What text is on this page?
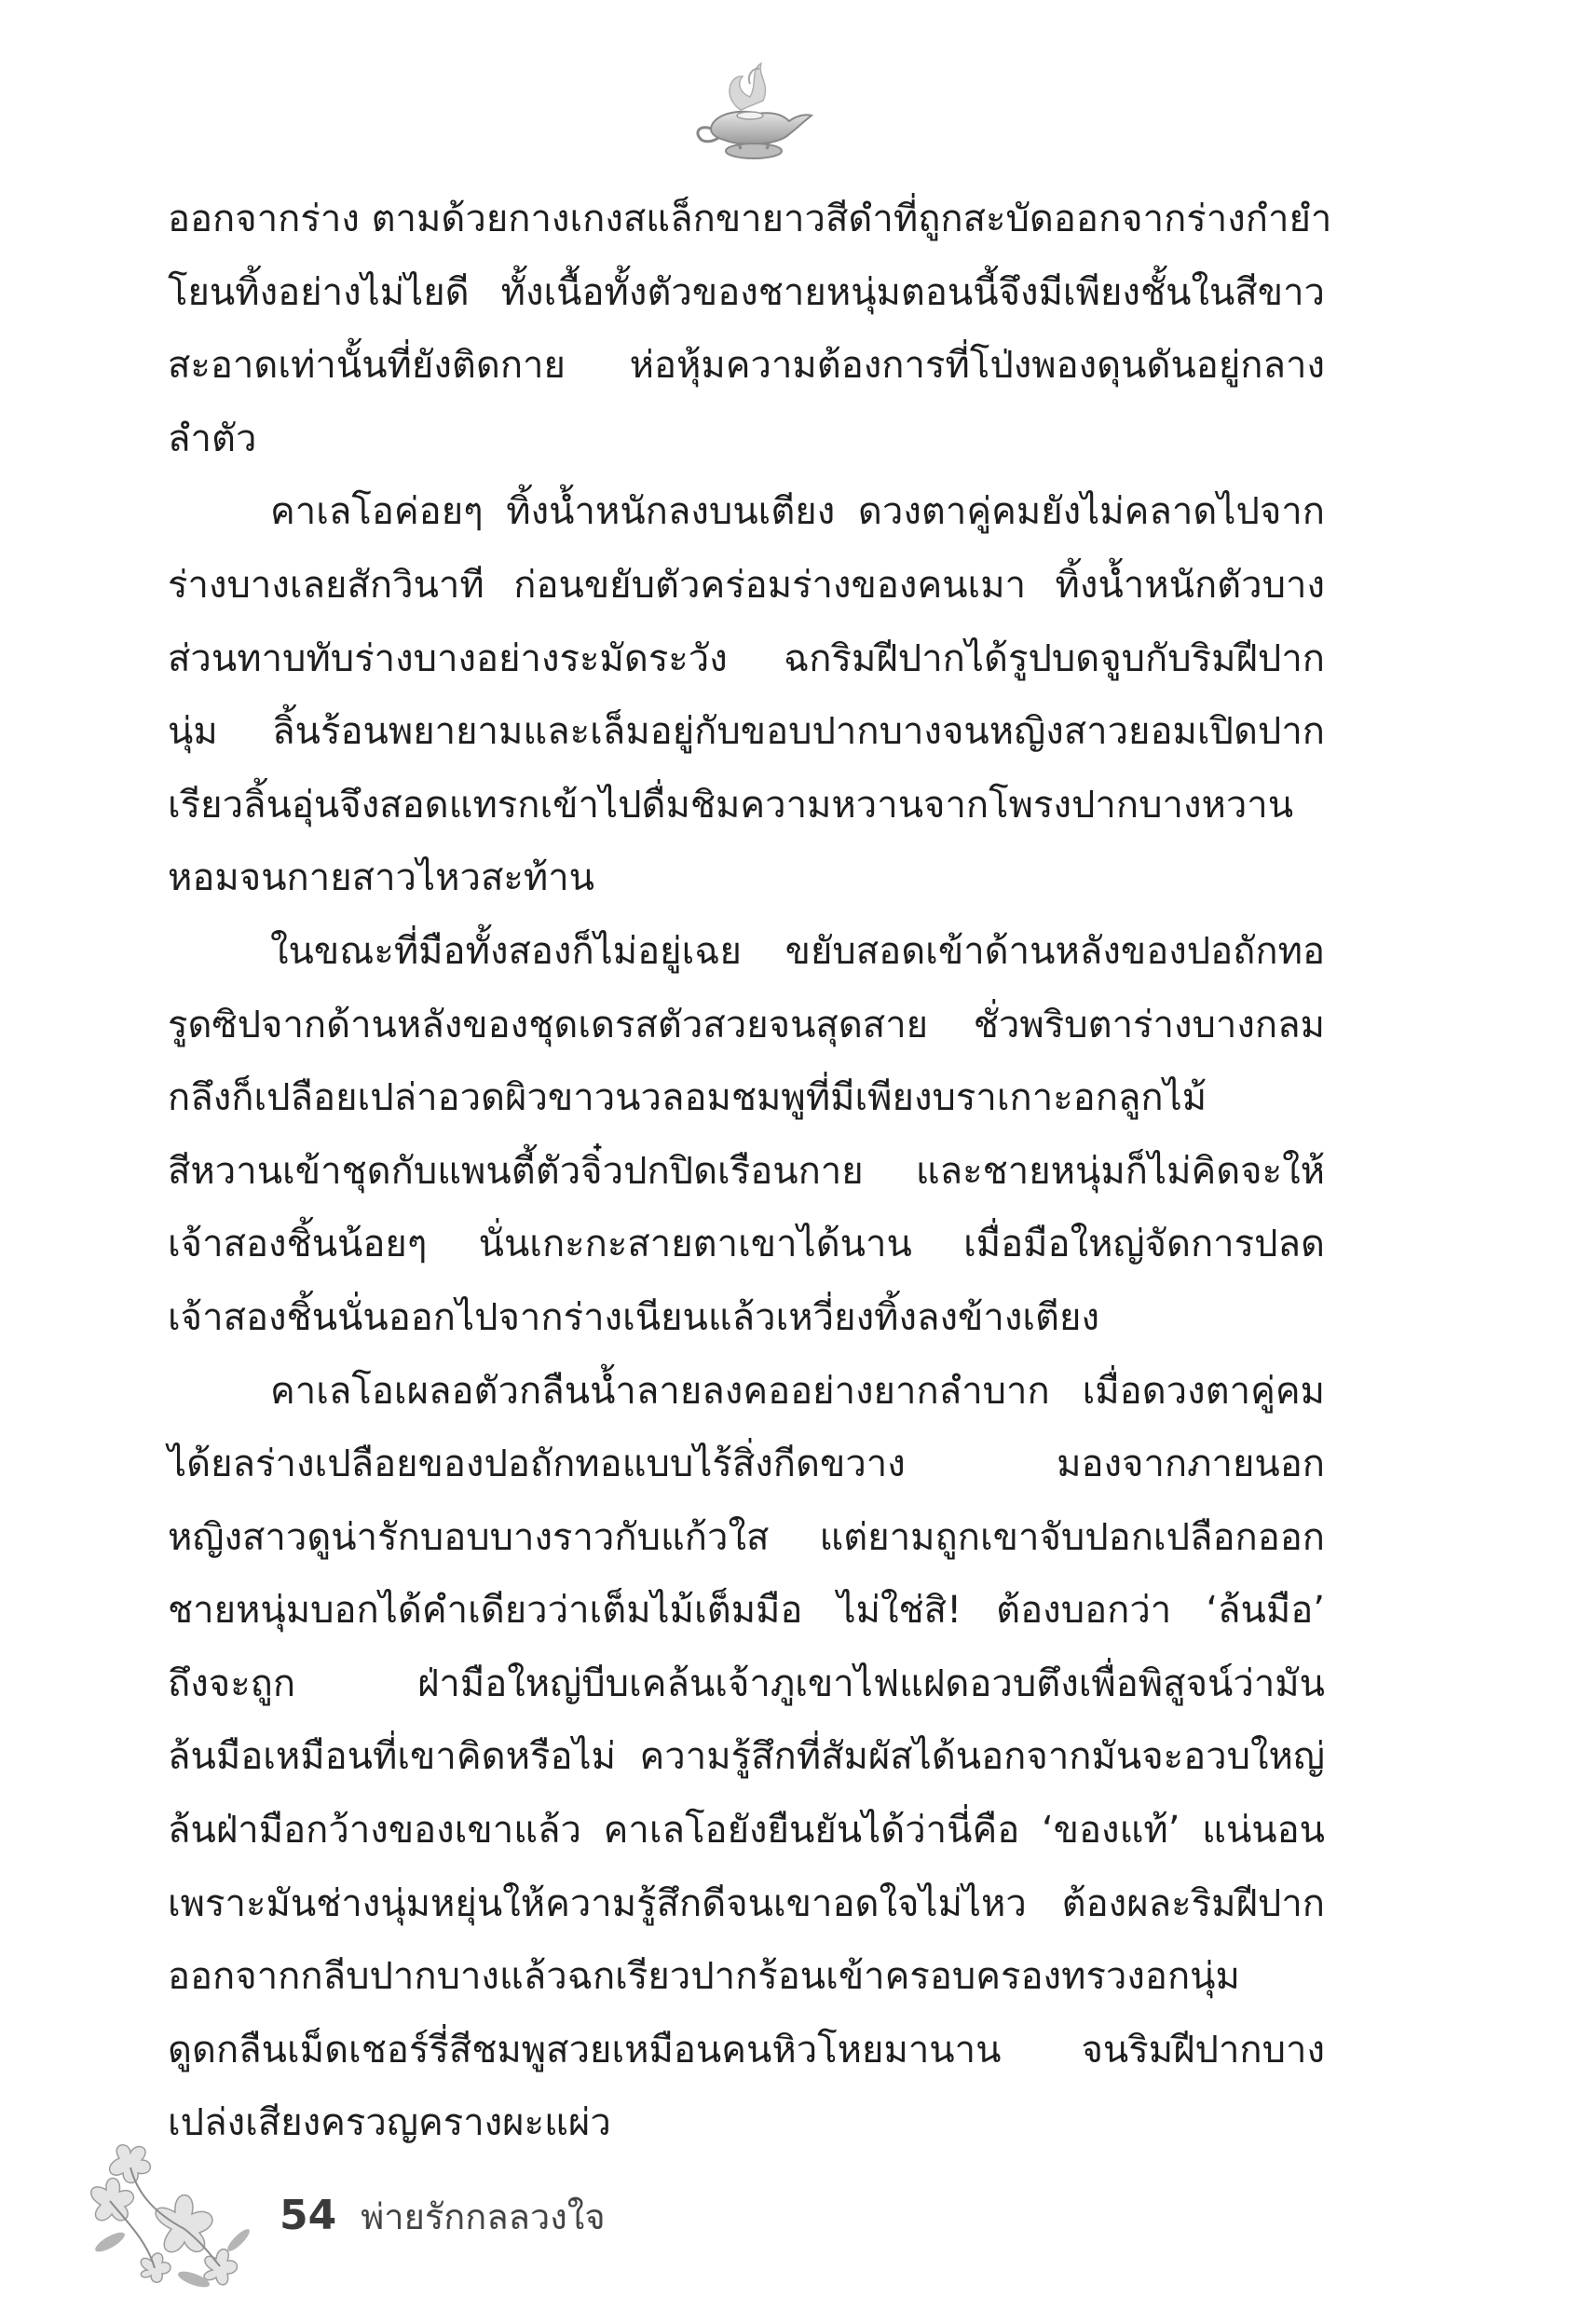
ออกจากร่าง ตามด้วยกางเกงสแล็กขายาวสีดำที่ถูกสะบัดออกจากร่างกำยำ
โยนทิ้งอย่างไม่ไยดี ทั้งเนื้อทั้งตัวของชายหนุ่มตอนนี้จึงมีเพียงชั้นในสีขาว
สะอาดเท่านั้นที่ยังติดกาย ห่อหุ้มความต้องการที่โป่งพองดุนดันอยู่กลาง
ลำตัว
คาเลโอค่อยๆ ทิ้งน้ำหนักลงบนเตียง ดวงตาคู่คมยังไม่คลาดไปจาก
ร่างบางเลยสักวินาที ก่อนขยับตัวคร่อมร่างของคนเมา ทิ้งน้ำหนักตัวบาง
ส่วนทาบทับร่างบางอย่างระมัดระวัง ฉกริมฝีปากได้รูปบดจูบกับริมฝีปาก
นุ่ม ลิ้นร้อนพยายามและเล็มอยู่กับขอบปากบางจนหญิงสาวยอมเปิดปาก
เรียวลิ้นอุ่นจึงสอดแทรกเข้าไปดื่มชิมความหวานจากโพรงปากบางหวาน
หอมจนกายสาวไหวสะท้าน
ในขณะที่มือทั้งสองก็ไม่อยู่เฉย ขยับสอดเข้าด้านหลังของปอถักทอ
รูดซิปจากด้านหลังของชุดเดรสตัวสวยจนสุดสาย ชั่วพริบตาร่างบางกลม
กลึงก็เปลือยเปล่าอวดผิวขาวนวลอมชมพูที่มีเพียงบราเกาะอกลูกไม้
สีหวานเข้าชุดกับแพนตี้ตัวจิ๋วปกปิดเรือนกาย และชายหนุ่มก็ไม่คิดจะให้
เจ้าสองชิ้นน้อยๆ นั่นเกะกะสายตาเขาได้นาน เมื่อมือใหญ่จัดการปลด
เจ้าสองชิ้นนั่นออกไปจากร่างเนียนแล้วเหวี่ยงทิ้งลงข้างเตียง
คาเลโอเผลอตัวกลืนน้ำลายลงคออย่างยากลำบาก เมื่อดวงตาคู่คม
ได้ยลร่างเปลือยของปอถักทอแบบไร้สิ่งกีดขวาง มองจากภายนอก
หญิงสาวดูน่ารักบอบบางราวกับแก้วใส แต่ยามถูกเขาจับปอกเปลือกออก
ชายหนุ่มบอกได้คำเดียวว่าเต็มไม้เต็มมือ ไม่ใช่สิ! ต้องบอกว่า ‘ล้นมือ’
ถึงจะถูก ฝ่ามือใหญ่บีบเคล้นเจ้าภูเขาไฟแฝดอวบตึงเพื่อพิสูจน์ว่ามัน
ล้นมือเหมือนที่เขาคิดหรือไม่ ความรู้สึกที่สัมผัสได้นอกจากมันจะอวบใหญ่
ล้นฝ่ามือกว้างของเขาแล้ว คาเลโอยังยืนยันได้ว่านี่คือ ‘ของแท้’ แน่นอน
เพราะมันช่างนุ่มหยุ่นให้ความรู้สึกดีจนเขาอดใจไม่ไหว ต้องผละริมฝีปาก
ออกจากกลีบปากบางแล้วฉกเรียวปากร้อนเข้าครอบครองทรวงอกนุ่ม
ดูดกลืนเม็ดเชอร์รี่สีชมพูสวยเหมือนคนหิวโหยมานาน จนริมฝีปากบาง
เปล่งเสียงครวญครางผะแผ่ว
54 พ่ายรักกลลวงใจ
